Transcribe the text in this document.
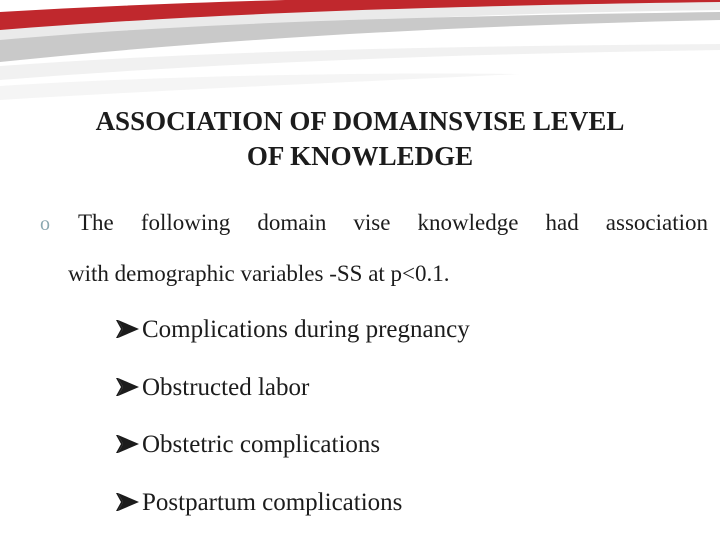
ASSOCIATION OF DOMAINSVISE LEVEL
OF KNOWLEDGE
o	The following domain vise knowledge had association
with demographic variables -SS at p<0.1.
Complications during pregnancy
Obstructed labor
Obstetric complications
Postpartum complications
